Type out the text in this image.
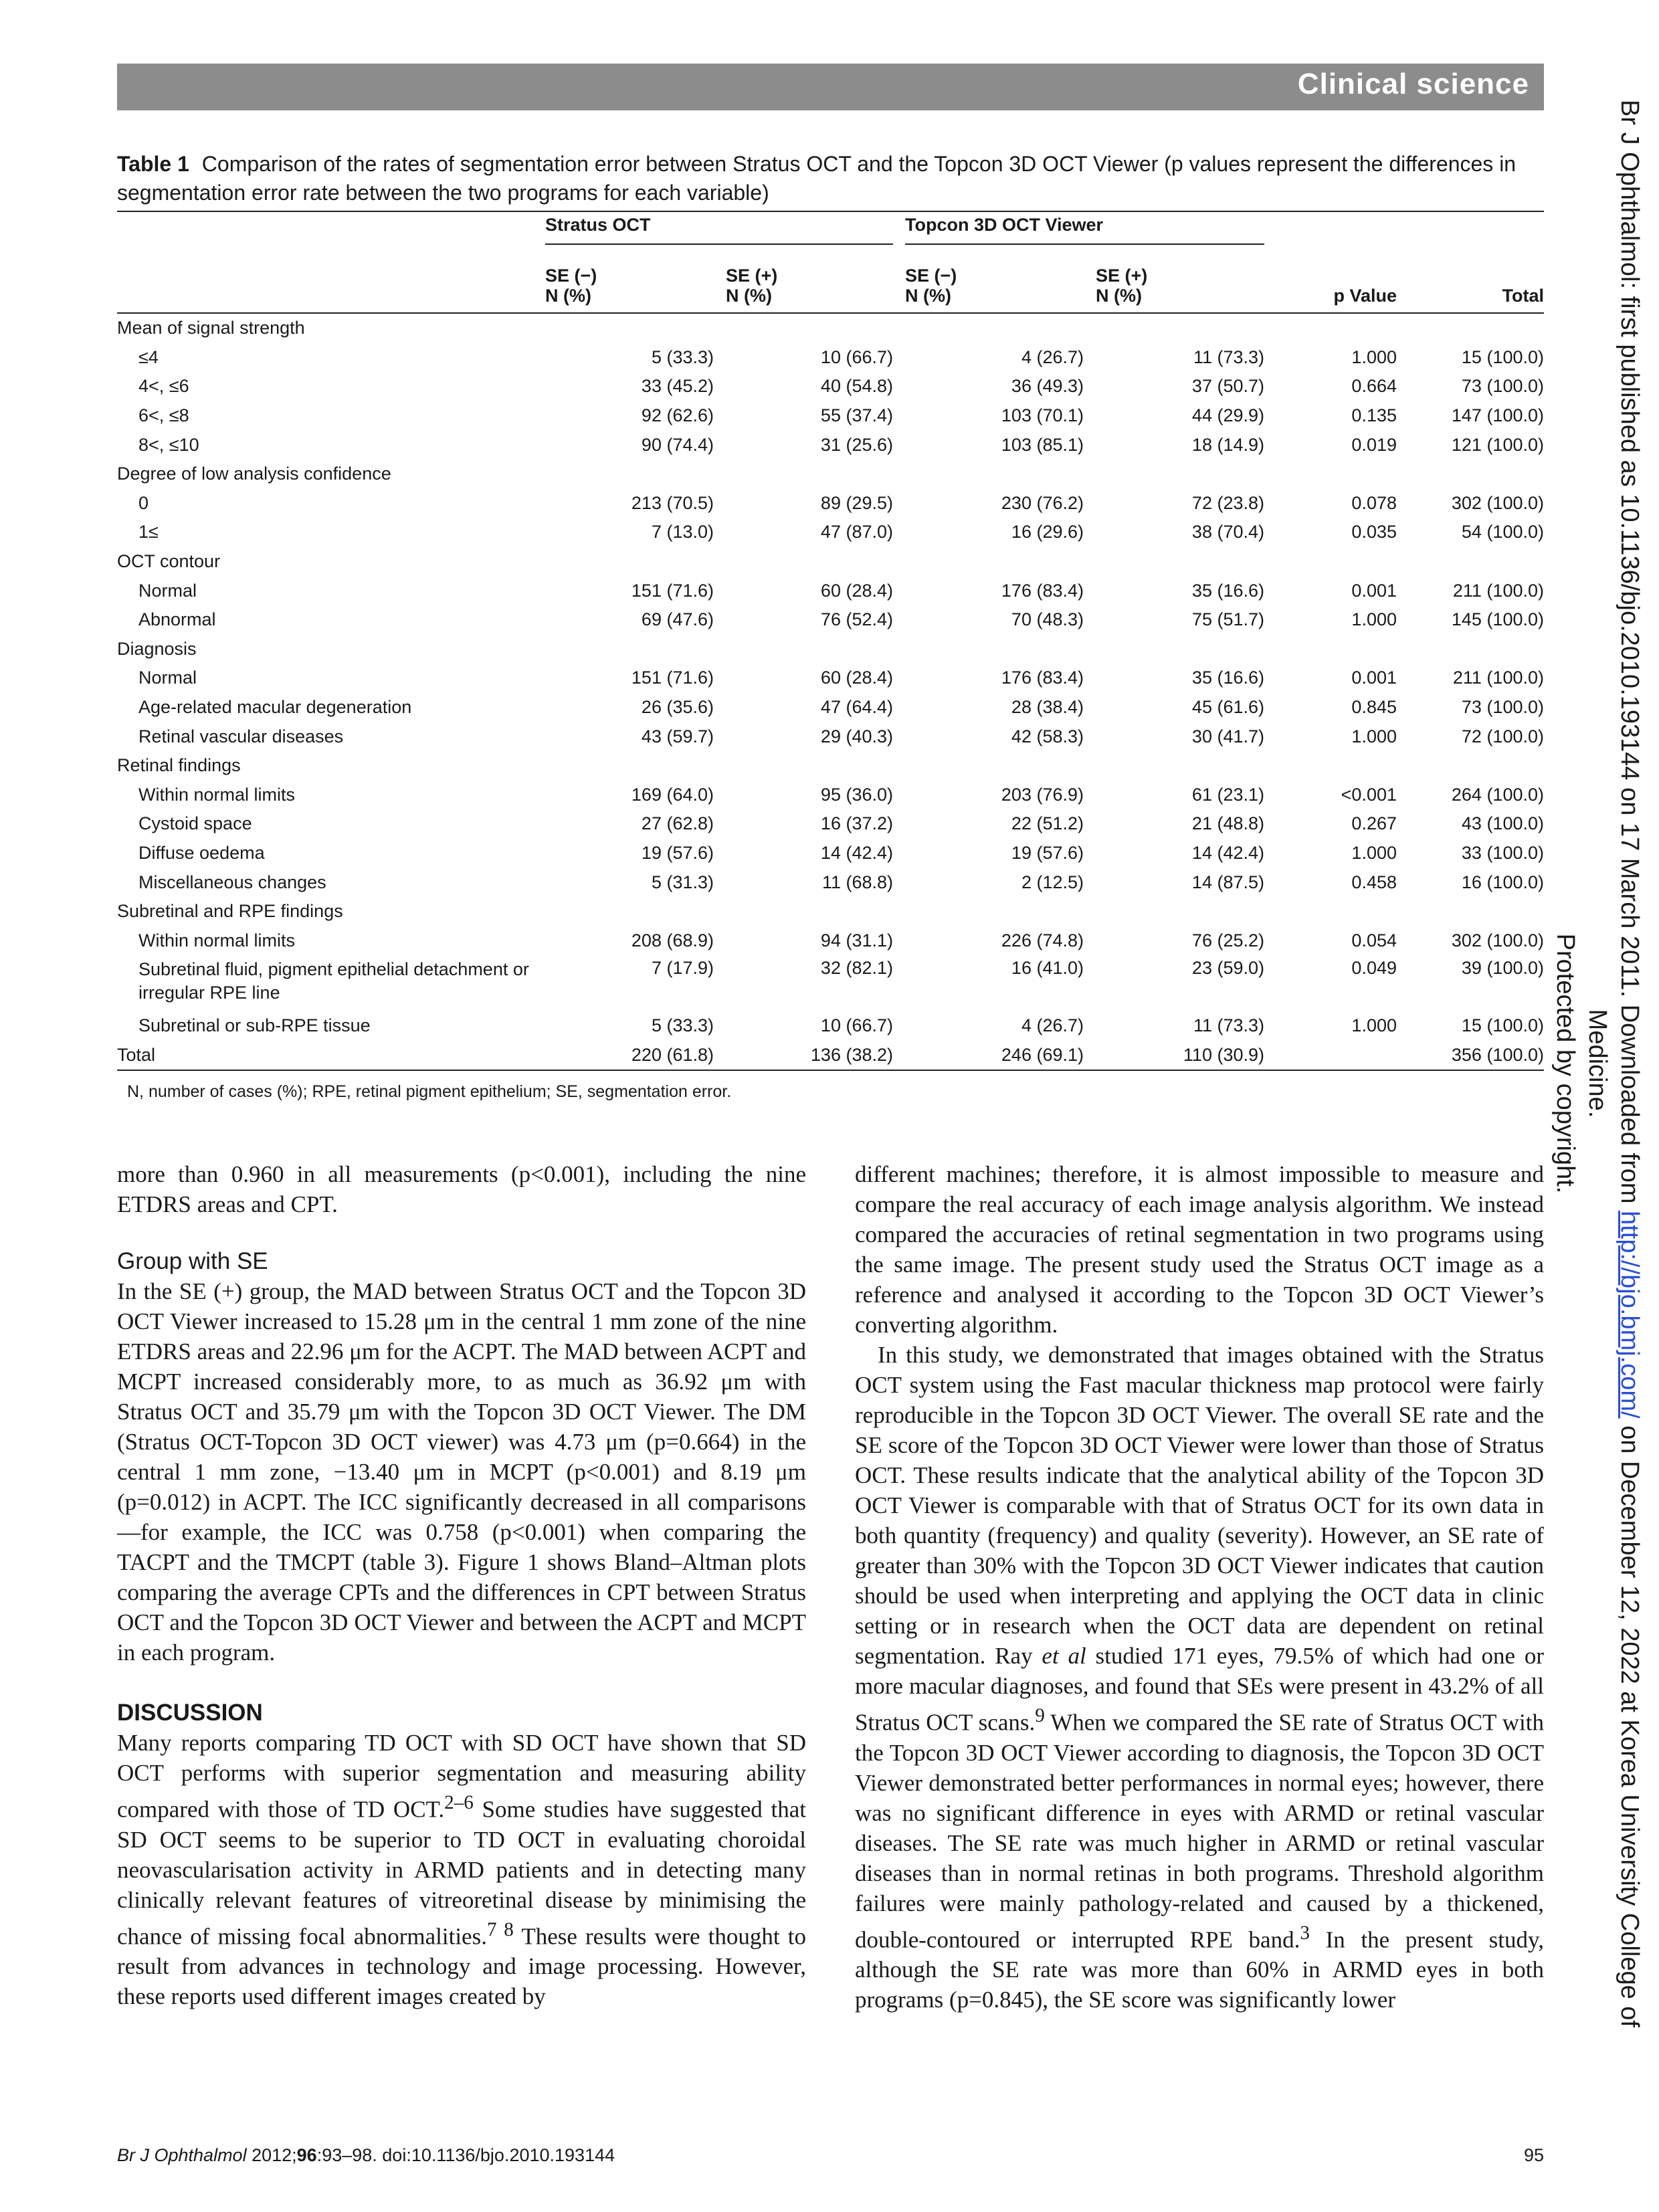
Clinical science
Table 1 Comparison of the rates of segmentation error between Stratus OCT and the Topcon 3D OCT Viewer (p values represent the differences in segmentation error rate between the two programs for each variable)

	Stratus OCT		Topcon 3D OCT Viewer			

	SE (−)
N (%)	SE (+)
N (%)	SE (−)
N (%)	SE (+)
N (%)	p Value	Total
Mean of signal strength						
≤4	5 (33.3)	10 (66.7)	4 (26.7)	11 (73.3)	1.000	15 (100.0)
4<, ≤6	33 (45.2)	40 (54.8)	36 (49.3)	37 (50.7)	0.664	73 (100.0)
6<, ≤8	92 (62.6)	55 (37.4)	103 (70.1)	44 (29.9)	0.135	147 (100.0)
8<, ≤10	90 (74.4)	31 (25.6)	103 (85.1)	18 (14.9)	0.019	121 (100.0)
Degree of low analysis confidence						
0	213 (70.5)	89 (29.5)	230 (76.2)	72 (23.8)	0.078	302 (100.0)
1≤	7 (13.0)	47 (87.0)	16 (29.6)	38 (70.4)	0.035	54 (100.0)
OCT contour						
Normal	151 (71.6)	60 (28.4)	176 (83.4)	35 (16.6)	0.001	211 (100.0)
Abnormal	69 (47.6)	76 (52.4)	70 (48.3)	75 (51.7)	1.000	145 (100.0)
Diagnosis						
Normal	151 (71.6)	60 (28.4)	176 (83.4)	35 (16.6)	0.001	211 (100.0)
Age-related macular degeneration	26 (35.6)	47 (64.4)	28 (38.4)	45 (61.6)	0.845	73 (100.0)
Retinal vascular diseases	43 (59.7)	29 (40.3)	42 (58.3)	30 (41.7)	1.000	72 (100.0)
Retinal findings						
Within normal limits	169 (64.0)	95 (36.0)	203 (76.9)	61 (23.1)	<0.001	264 (100.0)
Cystoid space	27 (62.8)	16 (37.2)	22 (51.2)	21 (48.8)	0.267	43 (100.0)
Diffuse oedema	19 (57.6)	14 (42.4)	19 (57.6)	14 (42.4)	1.000	33 (100.0)
Miscellaneous changes	5 (31.3)	11 (68.8)	2 (12.5)	14 (87.5)	0.458	16 (100.0)
Subretinal and RPE findings						
Within normal limits	208 (68.9)	94 (31.1)	226 (74.8)	76 (25.2)	0.054	302 (100.0)
Subretinal fluid, pigment epithelial detachment or irregular RPE line	7 (17.9)	32 (82.1)	16 (41.0)	23 (59.0)	0.049	39 (100.0)
Subretinal or sub-RPE tissue	5 (33.3)	10 (66.7)	4 (26.7)	11 (73.3)	1.000	15 (100.0)
Total	220 (61.8)	136 (38.2)	246 (69.1)	110 (30.9)		356 (100.0)
N, number of cases (%); RPE, retinal pigment epithelium; SE, segmentation error.

more than 0.960 in all measurements (p<0.001), including the nine ETDRS areas and CPT.

Group with SE

In the SE (+) group, the MAD between Stratus OCT and the Topcon 3D OCT Viewer increased to 15.28 μm in the central 1 mm zone of the nine ETDRS areas and 22.96 μm for the ACPT. The MAD between ACPT and MCPT increased considerably more, to as much as 36.92 μm with Stratus OCT and 35.79 μm with the Topcon 3D OCT Viewer. The DM (Stratus OCT-Topcon 3D OCT viewer) was 4.73 μm (p=0.664) in the central 1 mm zone, −13.40 μm in MCPT (p<0.001) and 8.19 μm (p=0.012) in ACPT. The ICC significantly decreased in all comparisons—for example, the ICC was 0.758 (p<0.001) when comparing the TACPT and the TMCPT (table 3). Figure 1 shows Bland–Altman plots comparing the average CPTs and the differences in CPT between Stratus OCT and the Topcon 3D OCT Viewer and between the ACPT and MCPT in each program.

DISCUSSION

Many reports comparing TD OCT with SD OCT have shown that SD OCT performs with superior segmentation and measuring ability compared with those of TD OCT.$^{2-6}$ Some studies have suggested that SD OCT seems to be superior to TD OCT in evaluating choroidal neovascularisation activity in ARMD patients and in detecting many clinically relevant features of vitreoretinal disease by minimising the chance of missing focal abnormalities.$^{7 8}$ These results were thought to result from advances in technology and image processing. However, these reports used different images created by

different machines; therefore, it is almost impossible to measure and compare the real accuracy of each image analysis algorithm. We instead compared the accuracies of retinal segmentation in two programs using the same image. The present study used the Stratus OCT image as a reference and analysed it according to the Topcon 3D OCT Viewer’s converting algorithm.

In this study, we demonstrated that images obtained with the Stratus OCT system using the Fast macular thickness map protocol were fairly reproducible in the Topcon 3D OCT Viewer. The overall SE rate and the SE score of the Topcon 3D OCT Viewer were lower than those of Stratus OCT. These results indicate that the analytical ability of the Topcon 3D OCT Viewer is comparable with that of Stratus OCT for its own data in both quantity (frequency) and quality (severity). However, an SE rate of greater than 30% with the Topcon 3D OCT Viewer indicates that caution should be used when interpreting and applying the OCT data in clinic setting or in research when the OCT data are dependent on retinal segmentation. Ray et al studied 171 eyes, 79.5% of which had one or more macular diagnoses, and found that SEs were present in 43.2% of all Stratus OCT scans.$^9$ When we compared the SE rate of Stratus OCT with the Topcon 3D OCT Viewer according to diagnosis, the Topcon 3D OCT Viewer demonstrated better performances in normal eyes; however, there was no significant difference in eyes with ARMD or retinal vascular diseases. The SE rate was much higher in ARMD or retinal vascular diseases than in normal retinas in both programs. Threshold algorithm failures were mainly pathology-related and caused by a thickened, double-contoured or interrupted RPE band.$^3$ In the present study, although the SE rate was more than 60% in ARMD eyes in both programs (p=0.845), the SE score was significantly lower

Br J Ophthalmol 2012;96:93–98. doi:10.1136/bjo.2010.193144	95
Br J Ophthalmol: first published as 10.1136/bjo.2010.193144 on 17 March 2011. Downloaded from http://bjo.bmj.com/ on December 12, 2022 at Korea University College of Medicine.
Protected by copyright.
